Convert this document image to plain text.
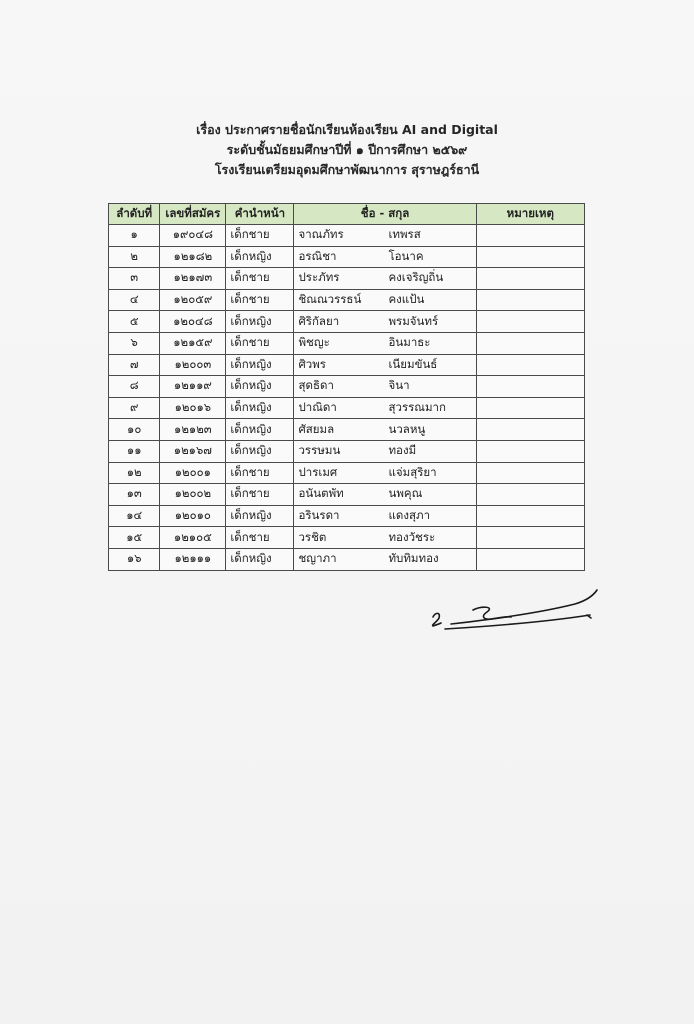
เรื่อง ประกาศรายชื่อนักเรียนห้องเรียน AI and Digital
ระดับชั้นมัธยมศึกษาปีที่ ๑ ปีการศึกษา ๒๕๖๙
โรงเรียนเตรียมอุดมศึกษาพัฒนาการ สุราษฎร์ธานี
ลำดับที่	เลขที่สมัคร	คำนำหน้า	ชื่อ - สกุล	หมายเหตุ
๑	๑๙๐๔๘	เด็กชาย	จาณภัทร เทพรส	
๒	๑๒๑๘๒	เด็กหญิง	อรณิชา โอนาค	
๓	๑๒๑๗๓	เด็กชาย	ประภัทร คงเจริญถิ่น	
๔	๑๒๐๕๙	เด็กชาย	ชิณณวรรธน์ คงแป้น	
๕	๑๒๐๔๘	เด็กหญิง	ศิริกัลยา พรมจันทร์	
๖	๑๒๑๕๙	เด็กชาย	พิชญะ อินมาธะ	
๗	๑๒๐๐๓	เด็กหญิง	ศิวพร เนียมขันธ์	
๘	๑๒๑๑๙	เด็กหญิง	สุดธิดา จินา	
๙	๑๒๐๑๖	เด็กหญิง	ปาณิดา สุวรรณมาก	
๑๐	๑๒๑๒๓	เด็กหญิง	ศัสยมล นวลหนู	
๑๑	๑๒๑๖๗	เด็กหญิง	วรรษมน ทองมี	
๑๒	๑๒๐๐๑	เด็กชาย	ปารเมศ แจ่มสุริยา	
๑๓	๑๒๐๐๒	เด็กชาย	อนันตพัท นพคุณ	
๑๔	๑๒๐๑๐	เด็กหญิง	อรินรดา แดงสุภา	
๑๕	๑๒๑๐๕	เด็กชาย	วรชิต ทองวัชระ	
๑๖	๑๒๑๑๑	เด็กหญิง	ชญาภา ทับทิมทอง	
